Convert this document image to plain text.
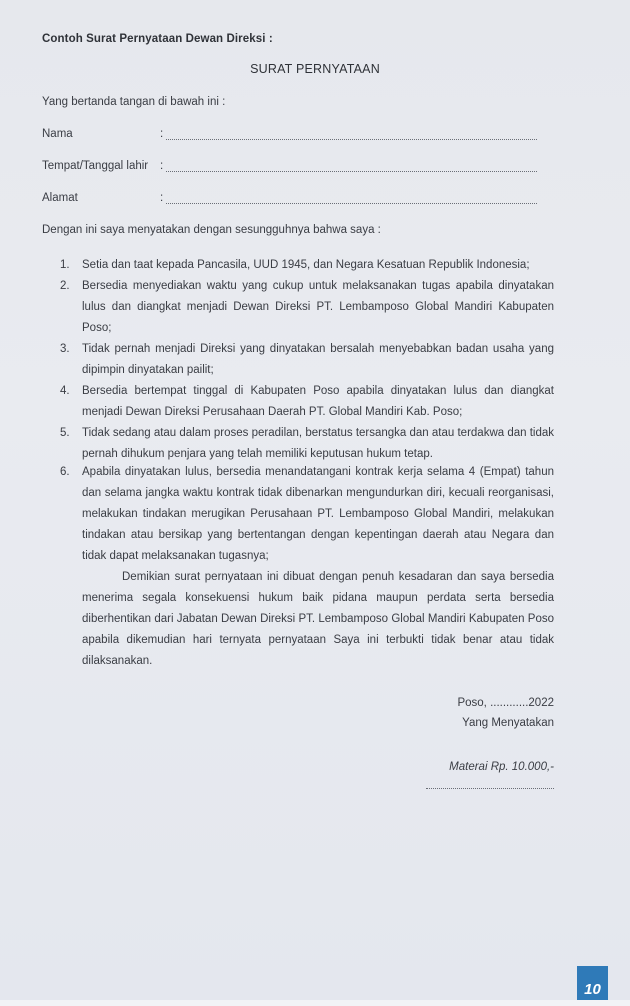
Contoh Surat Pernyataan Dewan Direksi :
SURAT PERNYATAAN
Yang bertanda tangan di bawah ini :
Nama	:
Tempat/Tanggal lahir :
Alamat	:
Dengan ini saya menyatakan dengan sesungguhnya bahwa saya :
1. Setia dan taat kepada Pancasila, UUD 1945, dan Negara Kesatuan Republik Indonesia;
2. Bersedia menyediakan waktu yang cukup untuk melaksanakan tugas apabila dinyatakan lulus dan diangkat menjadi Dewan Direksi PT. Lembamposo Global Mandiri Kabupaten Poso;
3. Tidak pernah menjadi Direksi yang dinyatakan bersalah menyebabkan badan usaha yang dipimpin dinyatakan pailit;
4. Bersedia bertempat tinggal di Kabupaten Poso apabila dinyatakan lulus dan diangkat menjadi Dewan Direksi Perusahaan Daerah PT. Global Mandiri Kab. Poso;
5. Tidak sedang atau dalam proses peradilan, berstatus tersangka dan atau terdakwa dan tidak pernah dihukum penjara yang telah memiliki keputusan hukum tetap.
6. Apabila dinyatakan lulus, bersedia menandatangani kontrak kerja selama 4 (Empat) tahun dan selama jangka waktu kontrak tidak dibenarkan mengundurkan diri, kecuali reorganisasi, melakukan tindakan merugikan Perusahaan PT. Lembamposo Global Mandiri, melakukan tindakan atau bersikap yang bertentangan dengan kepentingan daerah atau Negara dan tidak dapat melaksanakan tugasnya;
Demikian surat pernyataan ini dibuat dengan penuh kesadaran dan saya bersedia menerima segala konsekuensi hukum baik pidana maupun perdata serta bersedia diberhentikan dari Jabatan Dewan Direksi PT. Lembamposo Global Mandiri Kabupaten Poso apabila dikemudian hari ternyata pernyataan Saya ini terbukti tidak benar atau tidak dilaksanakan.
Poso, ............2022
Yang Menyatakan
Materai Rp. 10.000,-
10
